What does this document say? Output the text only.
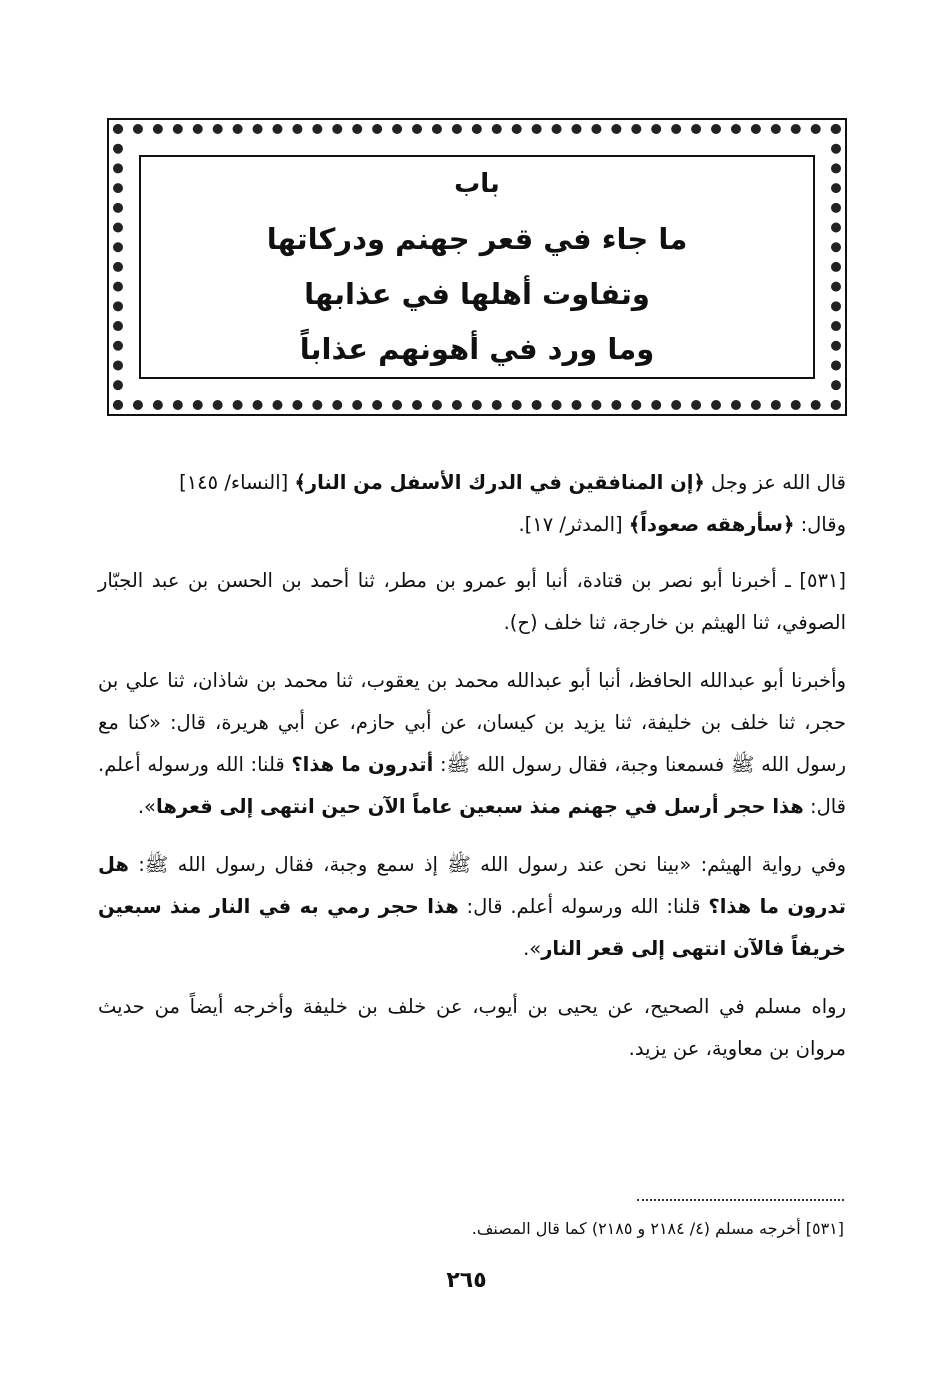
باب
ما جاء في قعر جهنم ودركاتها
وتفاوت أهلها في عذابها
وما ورد في أهونهم عذاباً

قال الله عز وجل ﴿إن المنافقين في الدرك الأسفل من النار﴾ [النساء/ ١٤٥]
وقال: ﴿سأرهقه صعوداً﴾ [المدثر/ ١٧].

[٥٣١] ـ أخبرنا أبو نصر بن قتادة، أنبا أبو عمرو بن مطر، ثنا أحمد بن الحسن بن عبد الجبّار الصوفي، ثنا الهيثم بن خارجة، ثنا خلف (ح).

وأخبرنا أبو عبدالله الحافظ، أنبا أبو عبدالله محمد بن يعقوب، ثنا محمد بن شاذان، ثنا علي بن حجر، ثنا خلف بن خليفة، ثنا يزيد بن كيسان، عن أبي حازم، عن أبي هريرة، قال: «كنا مع رسول الله ﷺ فسمعنا وجبة، فقال رسول الله ﷺ: أتدرون ما هذا؟ قلنا: الله ورسوله أعلم. قال: هذا حجر أرسل في جهنم منذ سبعين عاماً الآن حين انتهى إلى قعرها».

وفي رواية الهيثم: «بينا نحن عند رسول الله ﷺ إذ سمع وجبة، فقال رسول الله ﷺ: هل تدرون ما هذا؟ قلنا: الله ورسوله أعلم. قال: هذا حجر رمي به في النار منذ سبعين خريفاً فالآن انتهى إلى قعر النار».

رواه مسلم في الصحيح، عن يحيى بن أيوب، عن خلف بن خليفة وأخرجه أيضاً من حديث مروان بن معاوية، عن يزيد.

[٥٣١] أخرجه مسلم (٤/ ٢١٨٤ و ٢١٨٥) كما قال المصنف.
٢٦٥
